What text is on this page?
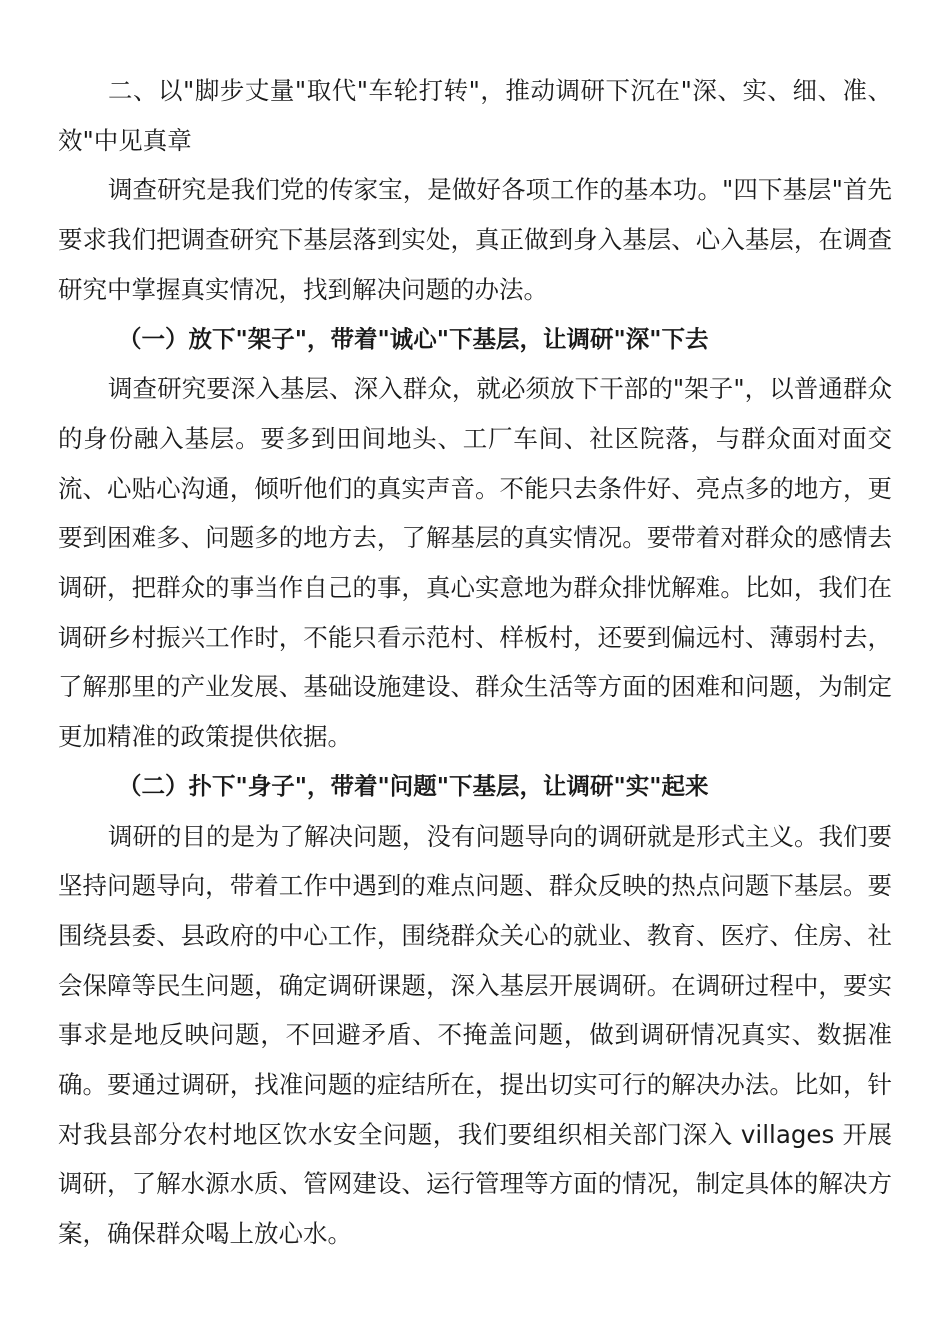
二、以"脚步丈量"取代"车轮打转"，推动调研下沉在"深、实、细、准、效"中见真章

调查研究是我们党的传家宝，是做好各项工作的基本功。"四下基层"首先要求我们把调查研究下基层落到实处，真正做到身入基层、心入基层，在调查研究中掌握真实情况，找到解决问题的办法。

（一）放下"架子"，带着"诚心"下基层，让调研"深"下去

调查研究要深入基层、深入群众，就必须放下干部的"架子"，以普通群众的身份融入基层。要多到田间地头、工厂车间、社区院落，与群众面对面交流、心贴心沟通，倾听他们的真实声音。不能只去条件好、亮点多的地方，更要到困难多、问题多的地方去，了解基层的真实情况。要带着对群众的感情去调研，把群众的事当作自己的事，真心实意地为群众排忧解难。比如，我们在调研乡村振兴工作时，不能只看示范村、样板村，还要到偏远村、薄弱村去，了解那里的产业发展、基础设施建设、群众生活等方面的困难和问题，为制定更加精准的政策提供依据。

（二）扑下"身子"，带着"问题"下基层，让调研"实"起来

调研的目的是为了解决问题，没有问题导向的调研就是形式主义。我们要坚持问题导向，带着工作中遇到的难点问题、群众反映的热点问题下基层。要围绕县委、县政府的中心工作，围绕群众关心的就业、教育、医疗、住房、社会保障等民生问题，确定调研课题，深入基层开展调研。在调研过程中，要实事求是地反映问题，不回避矛盾、不掩盖问题，做到调研情况真实、数据准确。要通过调研，找准问题的症结所在，提出切实可行的解决办法。比如，针对我县部分农村地区饮水安全问题，我们要组织相关部门深入 villages 开展调研，了解水源水质、管网建设、运行管理等方面的情况，制定具体的解决方案，确保群众喝上放心水。
